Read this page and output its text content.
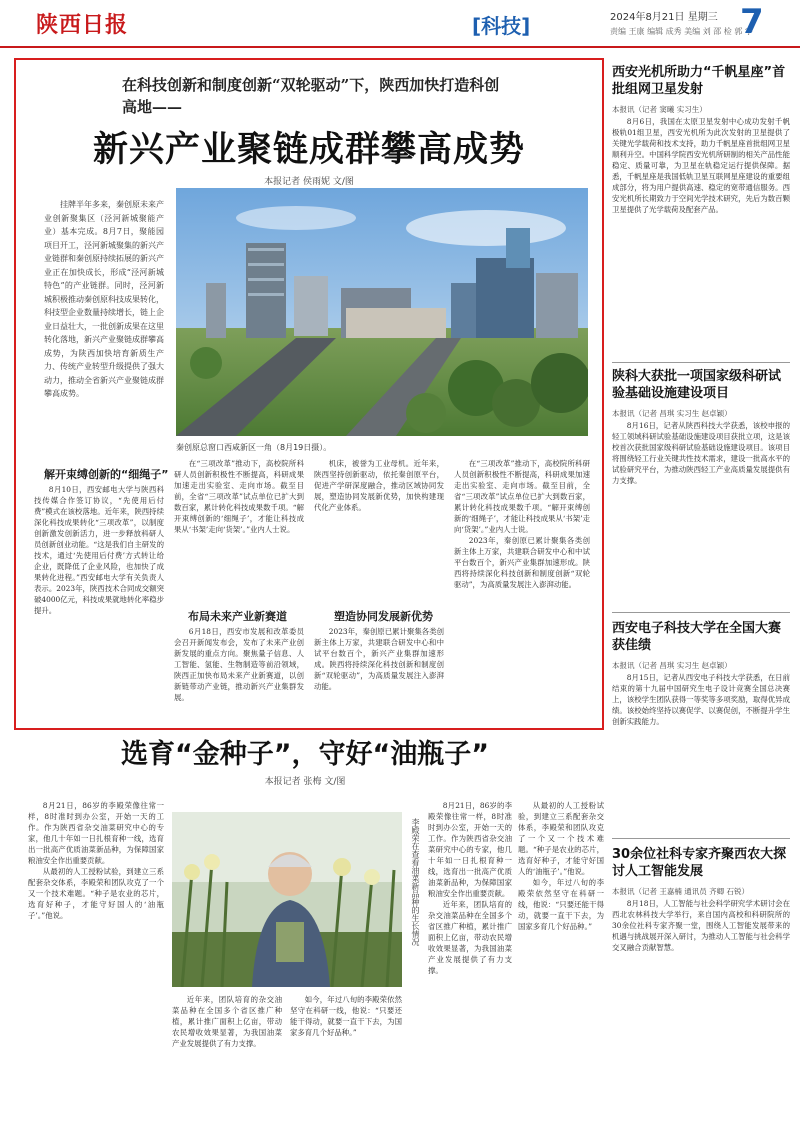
陕西日报	[科技]	2024年8月21日 星期三
责编 王康 编辑 成秀 美编 刘 邵 检 郭 宇
7
在科技创新和制度创新“双轮驱动”下，陕西加快打造科创高地——
新兴产业聚链成群攀高成势
本报记者 侯雨妮 文/图

挂牌半年多来，秦创原未来产业创新聚集区（泾河新城聚能产业）基本完成。8月7日，聚能园项目开工，泾河新城聚集的新兴产业链群和秦创原持续拓展的新兴产业正在加快成长，形成“泾河新城特色”的产业链群。同时，泾河新城积极推动秦创原科技成果转化，科技型企业数量持续增长，链上企业日益壮大，一批创新成果在这里转化落地，新兴产业聚链成群攀高成势，为陕西加快培育新质生产力、传统产业转型升级提供了强大动力，推动全省新兴产业聚链成群攀高成势。

秦创原总窗口西咸新区一角（8月19日摄）。
解开束缚创新的“细绳子”

8月10日，西安邮电大学与陕西科技传媒合作签订协议，“先使用后付费”模式在该校落地。近年来，陕西持续深化科技成果转化“三项改革”，以制度创新激发创新活力，进一步释放科研人员创新创业动能。“这是我们自主研发的技术，通过‘先使用后付费’方式转让给企业，既降低了企业风险，也加快了成果转化进程。”西安邮电大学有关负责人表示。2023年，陕西技术合同成交额突破4000亿元，科技成果就地转化率稳步提升。

在“三项改革”推动下，高校院所科研人员创新积极性不断提高，科研成果加速走出实验室、走向市场。截至目前，全省“三项改革”试点单位已扩大到数百家，累计转化科技成果数千项。“解开束缚创新的‘细绳子’，才能让科技成果从‘书架’走向‘货架’。”业内人士说。

布局未来产业新赛道

6月18日，西安市发展和改革委员会召开新闻发布会，发布了未来产业创新发展的重点方向。聚焦量子信息、人工智能、氢能、生物制造等前沿领域，陕西正加快布局未来产业新赛道，以创新链带动产业链，推动新兴产业集群发展。

机床，被誉为工业母机。近年来，陕西坚持创新驱动，依托秦创原平台，促进产学研深度融合，推动区域协同发展，塑造协同发展新优势，加快构建现代化产业体系。

塑造协同发展新优势

2023年，秦创原已累计聚集各类创新主体上万家，共建联合研发中心和中试平台数百个，新兴产业集群加速形成。陕西将持续深化科技创新和制度创新“双轮驱动”，为高质量发展注入澎湃动能。

在“三项改革”推动下，高校院所科研人员创新积极性不断提高，科研成果加速走出实验室、走向市场。截至目前，全省“三项改革”试点单位已扩大到数百家，累计转化科技成果数千项。“解开束缚创新的‘细绳子’，才能让科技成果从‘书架’走向‘货架’。”业内人士说。

2023年，秦创原已累计聚集各类创新主体上万家，共建联合研发中心和中试平台数百个，新兴产业集群加速形成。陕西将持续深化科技创新和制度创新“双轮驱动”，为高质量发展注入澎湃动能。

选育“金种子”，守好“油瓶子”
本报记者 张梅 文/图

8月21日，86岁的李殿荣像往常一样，8时准时到办公室，开始一天的工作。作为陕西省杂交油菜研究中心的专家，他几十年如一日扎根育种一线，选育出一批高产优质油菜新品种，为保障国家粮油安全作出重要贡献。

从最初的人工授粉试验，到建立三系配套杂交体系，李殿荣和团队攻克了一个又一个技术难题。“种子是农业的芯片，选育好种子，才能守好国人的‘油瓶子’。”他说。	李殿荣在查看油菜新品种的生长情况

近年来，团队培育的杂交油菜品种在全国多个省区推广种植，累计推广面积上亿亩，带动农民增收效果显著，为我国油菜产业发展提供了有力支撑。

如今，年过八旬的李殿荣依然坚守在科研一线，他说：“只要还能干得动，就要一直干下去，为国家多育几个好品种。”

8月21日，86岁的李殿荣像往常一样，8时准时到办公室，开始一天的工作。作为陕西省杂交油菜研究中心的专家，他几十年如一日扎根育种一线，选育出一批高产优质油菜新品种，为保障国家粮油安全作出重要贡献。

近年来，团队培育的杂交油菜品种在全国多个省区推广种植，累计推广面积上亿亩，带动农民增收效果显著，为我国油菜产业发展提供了有力支撑。

从最初的人工授粉试验，到建立三系配套杂交体系，李殿荣和团队攻克了一个又一个技术难题。“种子是农业的芯片，选育好种子，才能守好国人的‘油瓶子’。”他说。

如今，年过八旬的李殿荣依然坚守在科研一线，他说：“只要还能干得动，就要一直干下去，为国家多育几个好品种。”

西安光机所助力“千帆星座”首批组网卫星发射
本报讯（记者 窦曦 实习生）

8月6日，我国在太原卫星发射中心成功发射千帆极轨01组卫星，西安光机所为此次发射的卫星提供了关键光学载荷和技术支持，助力千帆星座首批组网卫星顺利升空。中国科学院西安光机所研制的相关产品性能稳定、质量可靠，为卫星在轨稳定运行提供保障。据悉，千帆星座是我国低轨卫星互联网星座建设的重要组成部分，将为用户提供高速、稳定的宽带通信服务。西安光机所长期致力于空间光学技术研究，先后为数百颗卫星提供了光学载荷及配套产品。

陕科大获批一项国家级科研试验基础设施建设项目
本报讯（记者 昌琪 实习生 赵卓颖）

8月16日，记者从陕西科技大学获悉，该校申报的轻工领域科研试验基础设施建设项目获批立项，这是该校首次获批国家级科研试验基础设施建设项目。该项目将围绕轻工行业关键共性技术需求，建设一批高水平的试验研究平台，为推动陕西轻工产业高质量发展提供有力支撑。

西安电子科技大学在全国大赛获佳绩
本报讯（记者 昌琪 实习生 赵卓颖）

8月15日，记者从西安电子科技大学获悉，在日前结束的第十九届中国研究生电子设计竞赛全国总决赛上，该校学生团队获得一等奖等多项奖励，取得优异成绩。该校始终坚持以赛促学、以赛促创，不断提升学生创新实践能力。

30余位社科专家齐聚西农大探讨人工智能发展
本报讯（记者 王嘉楠 通讯员 齐卿 石锐）

8月18日，人工智能与社会科学研究学术研讨会在西北农林科技大学举行，来自国内高校和科研院所的30余位社科专家齐聚一堂，围绕人工智能发展带来的机遇与挑战展开深入研讨，为推动人工智能与社会科学交叉融合贡献智慧。
